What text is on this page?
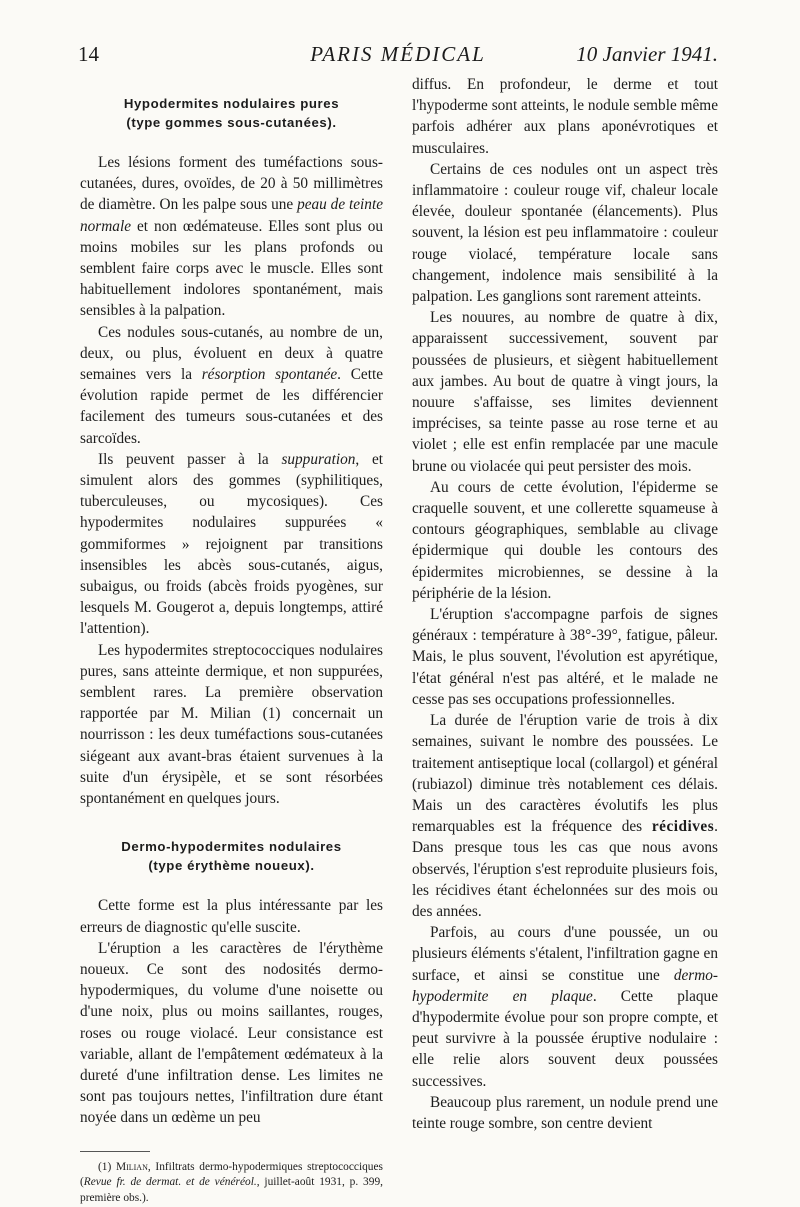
PARIS MÉDICAL
14	10 Janvier 1941.
Hypodermites nodulaires pures
(type gommes sous-cutanées).

Les lésions forment des tuméfactions sous-cutanées, dures, ovoïdes, de 20 à 50 millimètres de diamètre. On les palpe sous une peau de teinte normale et non œdémateuse. Elles sont plus ou moins mobiles sur les plans profonds ou semblent faire corps avec le muscle. Elles sont habituellement indolores spontanément, mais sensibles à la palpation.

Ces nodules sous-cutanés, au nombre de un, deux, ou plus, évoluent en deux à quatre semaines vers la résorption spontanée. Cette évolution rapide permet de les différencier facilement des tumeurs sous-cutanées et des sarcoïdes.

Ils peuvent passer à la suppuration, et simulent alors des gommes (syphilitiques, tuberculeuses, ou mycosiques). Ces hypodermites nodulaires suppurées « gommiformes » rejoignent par transitions insensibles les abcès sous-cutanés, aigus, subaigus, ou froids (abcès froids pyogènes, sur lesquels M. Gougerot a, depuis longtemps, attiré l'attention).

Les hypodermites streptococciques nodulaires pures, sans atteinte dermique, et non suppurées, semblent rares. La première observation rapportée par M. Milian (1) concernait un nourrisson : les deux tuméfactions sous-cutanées siégeant aux avant-bras étaient survenues à la suite d'un érysipèle, et se sont résorbées spontanément en quelques jours.

Dermo-hypodermites nodulaires
(type érythème noueux).

Cette forme est la plus intéressante par les erreurs de diagnostic qu'elle suscite.

L'éruption a les caractères de l'érythème noueux. Ce sont des nodosités dermo-hypodermiques, du volume d'une noisette ou d'une noix, plus ou moins saillantes, rouges, roses ou rouge violacé. Leur consistance est variable, allant de l'empâtement œdémateux à la dureté d'une infiltration dense. Les limites ne sont pas toujours nettes, l'infiltration dure étant noyée dans un œdème un peu

(1) Milian, Infiltrats dermo-hypodermiques streptococciques (Revue fr. de dermat. et de vénéréol., juillet-août 1931, p. 399, première obs.).

diffus. En profondeur, le derme et tout l'hypoderme sont atteints, le nodule semble même parfois adhérer aux plans aponévrotiques et musculaires.

Certains de ces nodules ont un aspect très inflammatoire : couleur rouge vif, chaleur locale élevée, douleur spontanée (élancements). Plus souvent, la lésion est peu inflammatoire : couleur rouge violacé, température locale sans changement, indolence mais sensibilité à la palpation. Les ganglions sont rarement atteints.

Les nouures, au nombre de quatre à dix, apparaissent successivement, souvent par poussées de plusieurs, et siègent habituellement aux jambes. Au bout de quatre à vingt jours, la nouure s'affaisse, ses limites deviennent imprécises, sa teinte passe au rose terne et au violet ; elle est enfin remplacée par une macule brune ou violacée qui peut persister des mois.

Au cours de cette évolution, l'épiderme se craquelle souvent, et une collerette squameuse à contours géographiques, semblable au clivage épidermique qui double les contours des épidermites microbiennes, se dessine à la périphérie de la lésion.

L'éruption s'accompagne parfois de signes généraux : température à 38°-39°, fatigue, pâleur. Mais, le plus souvent, l'évolution est apyrétique, l'état général n'est pas altéré, et le malade ne cesse pas ses occupations professionnelles.

La durée de l'éruption varie de trois à dix semaines, suivant le nombre des poussées. Le traitement antiseptique local (collargol) et général (rubiazol) diminue très notablement ces délais. Mais un des caractères évolutifs les plus remarquables est la fréquence des récidives. Dans presque tous les cas que nous avons observés, l'éruption s'est reproduite plusieurs fois, les récidives étant échelonnées sur des mois ou des années.

Parfois, au cours d'une poussée, un ou plusieurs éléments s'étalent, l'infiltration gagne en surface, et ainsi se constitue une dermo-hypodermite en plaque. Cette plaque d'hypodermite évolue pour son propre compte, et peut survivre à la poussée éruptive nodulaire : elle relie alors souvent deux poussées successives.

Beaucoup plus rarement, un nodule prend une teinte rouge sombre, son centre devient
